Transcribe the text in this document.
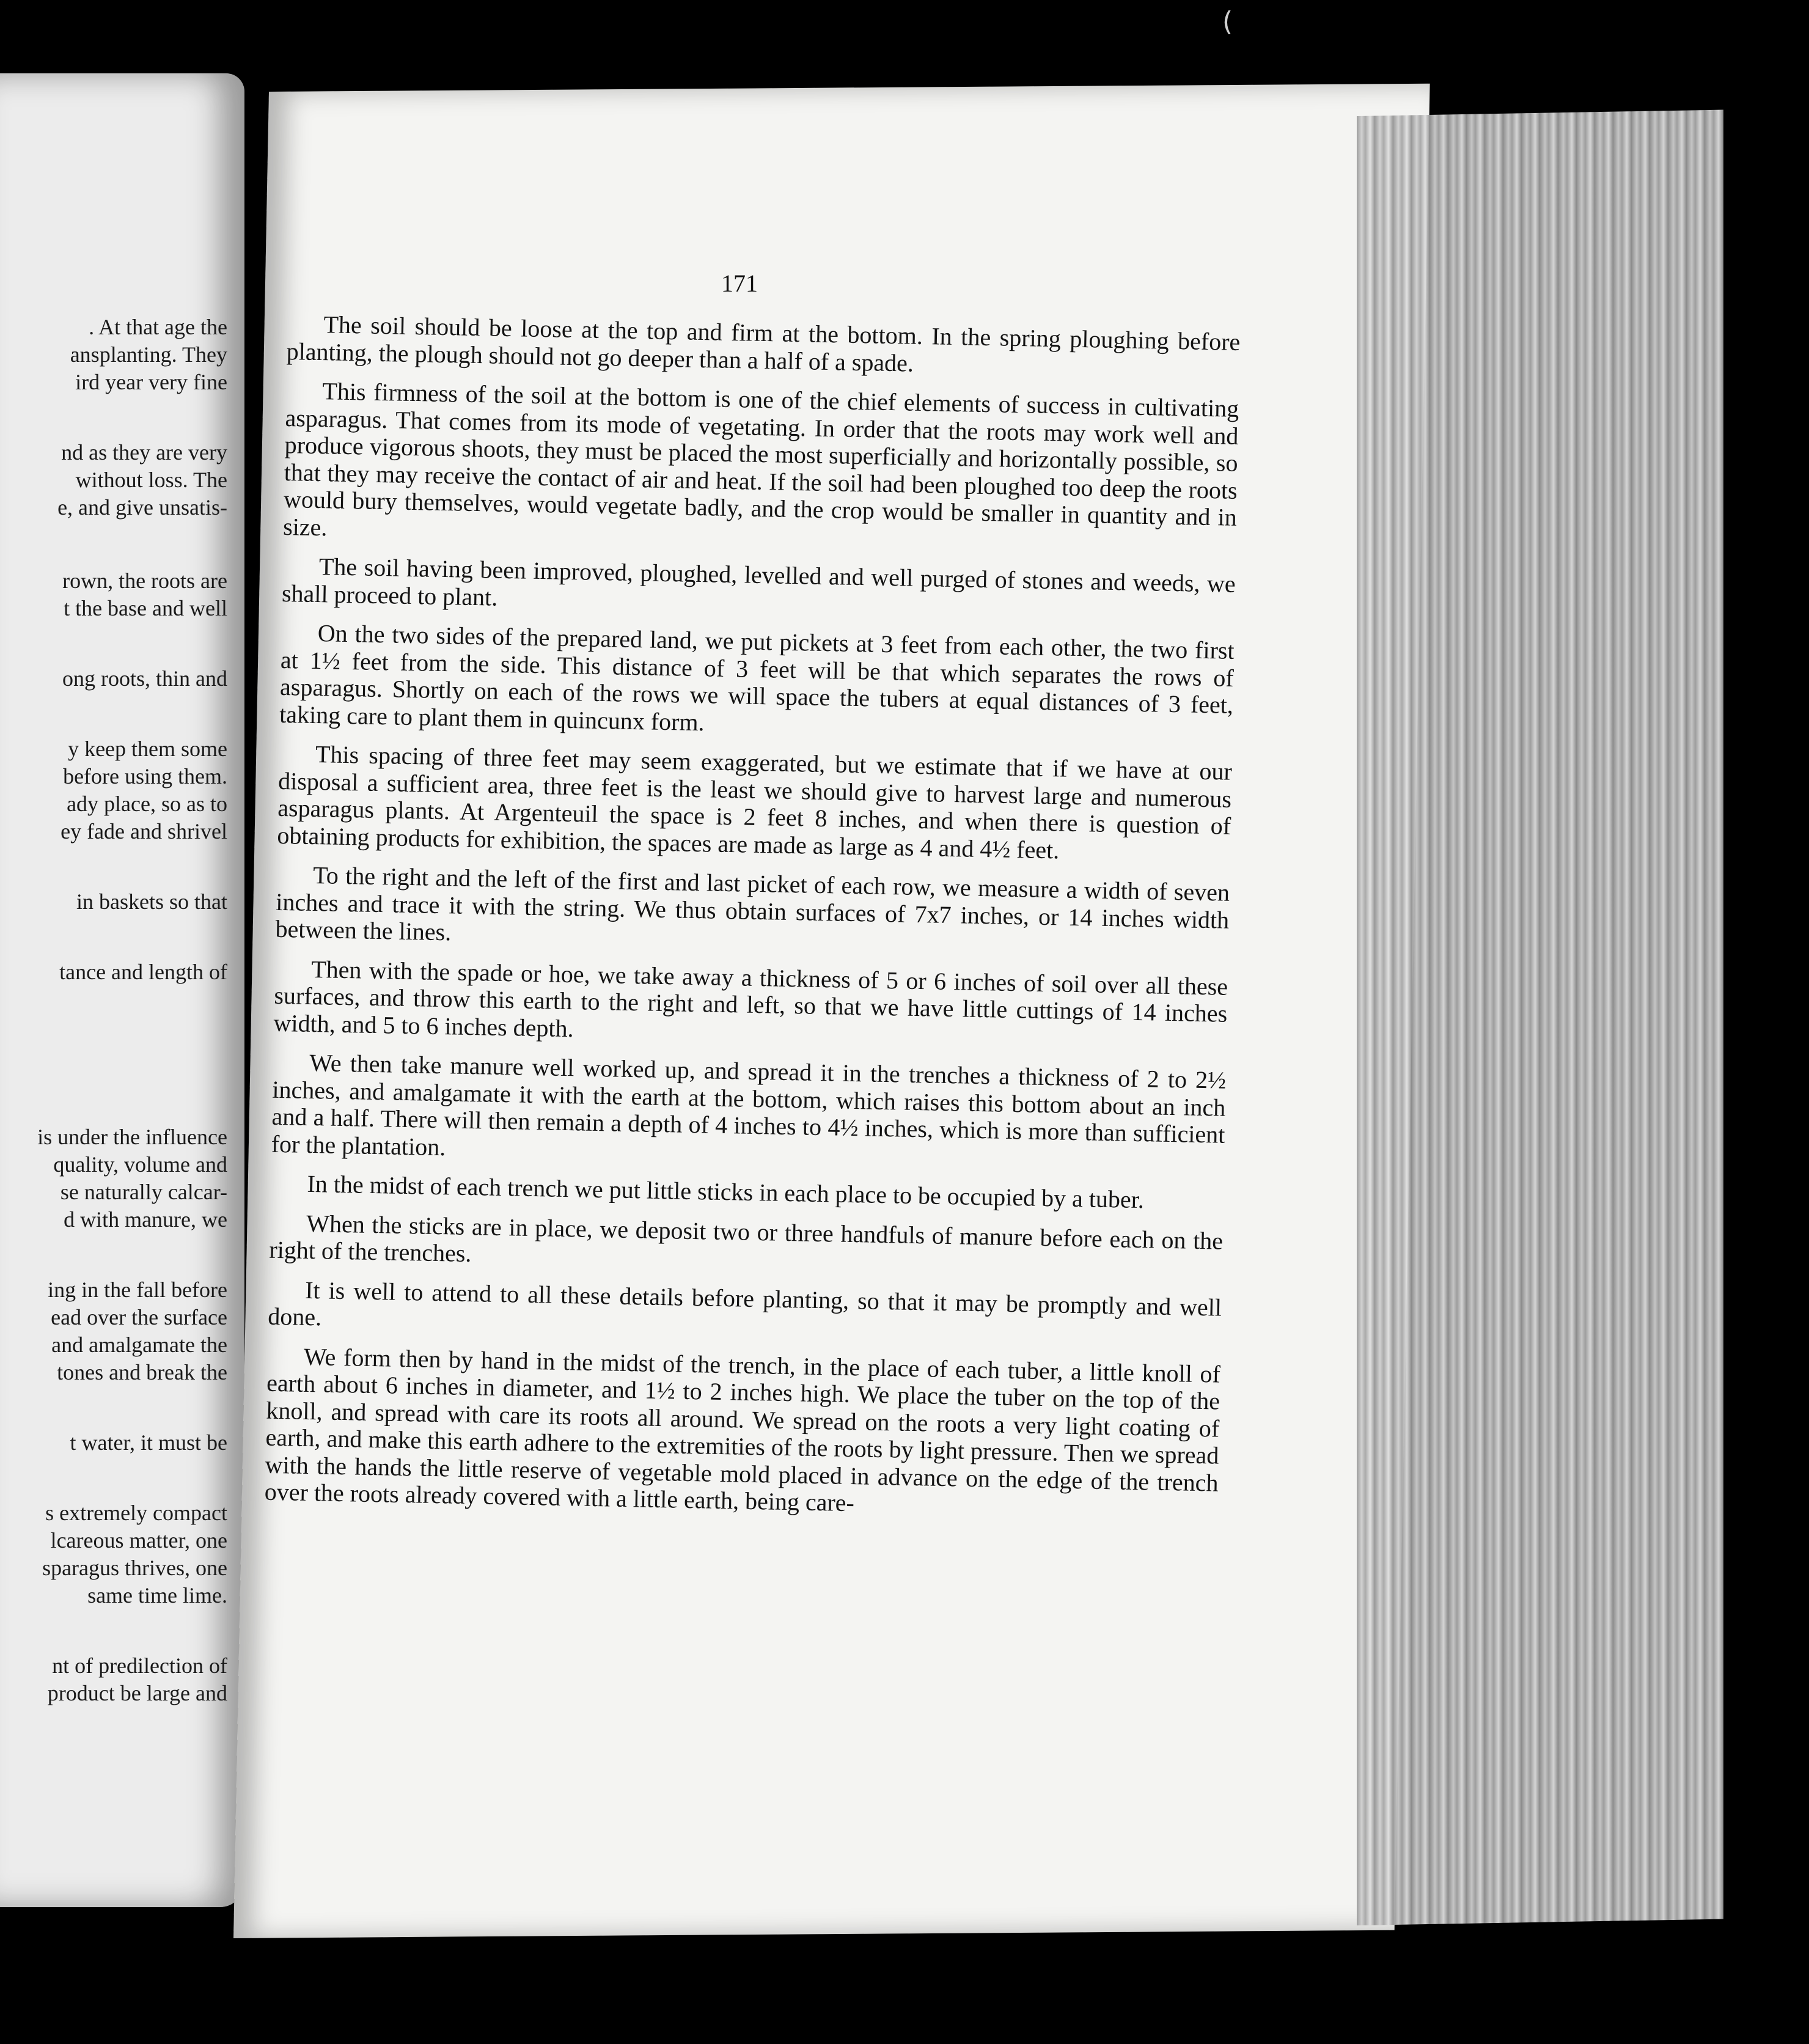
(
. At that age the
ansplanting. They
ird year very fine
nd as they are very
without loss. The
e, and give unsatis-
rown, the roots are
t the base and well
ong roots, thin and
y keep them some
before using them.
ady place, so as to
ey fade and shrivel
in baskets so that
tance and length of
is under the influence
quality, volume and
se naturally calcar-
d with manure, we
ing in the fall before
ead over the surface
and amalgamate the
tones and break the
t water, it must be
s extremely compact
lcareous matter, one
sparagus thrives, one
same time lime.
nt of predilection of
product be large and
171

The soil should be loose at the top and firm at the bottom. In the spring ploughing before planting, the plough should not go deeper than a half of a spade.

This firmness of the soil at the bottom is one of the chief elements of success in cultivating asparagus. That comes from its mode of vegetating. In order that the roots may work well and produce vigorous shoots, they must be placed the most superficially and horizontally possible, so that they may receive the contact of air and heat. If the soil had been ploughed too deep the roots would bury themselves, would vegetate badly, and the crop would be smaller in quantity and in size.

The soil having been improved, ploughed, levelled and well purged of stones and weeds, we shall proceed to plant.

On the two sides of the prepared land, we put pickets at 3 feet from each other, the two first at 1½ feet from the side. This distance of 3 feet will be that which separates the rows of asparagus. Shortly on each of the rows we will space the tubers at equal distances of 3 feet, taking care to plant them in quincunx form.

This spacing of three feet may seem exaggerated, but we estimate that if we have at our disposal a sufficient area, three feet is the least we should give to harvest large and numerous asparagus plants. At Argenteuil the space is 2 feet 8 inches, and when there is question of obtaining products for exhibition, the spaces are made as large as 4 and 4½ feet.

To the right and the left of the first and last picket of each row, we measure a width of seven inches and trace it with the string. We thus obtain surfaces of 7x7 inches, or 14 inches width between the lines.

Then with the spade or hoe, we take away a thickness of 5 or 6 inches of soil over all these surfaces, and throw this earth to the right and left, so that we have little cuttings of 14 inches width, and 5 to 6 inches depth.

We then take manure well worked up, and spread it in the trenches a thickness of 2 to 2½ inches, and amalgamate it with the earth at the bottom, which raises this bottom about an inch and a half. There will then remain a depth of 4 inches to 4½ inches, which is more than sufficient for the plantation.

In the midst of each trench we put little sticks in each place to be occupied by a tuber.

When the sticks are in place, we deposit two or three handfuls of manure before each on the right of the trenches.

It is well to attend to all these details before planting, so that it may be promptly and well done.

We form then by hand in the midst of the trench, in the place of each tuber, a little knoll of earth about 6 inches in diameter, and 1½ to 2 inches high. We place the tuber on the top of the knoll, and spread with care its roots all around. We spread on the roots a very light coating of earth, and make this earth adhere to the extremities of the roots by light pressure. Then we spread with the hands the little reserve of vegetable mold placed in advance on the edge of the trench over the roots already covered with a little earth, being care-
